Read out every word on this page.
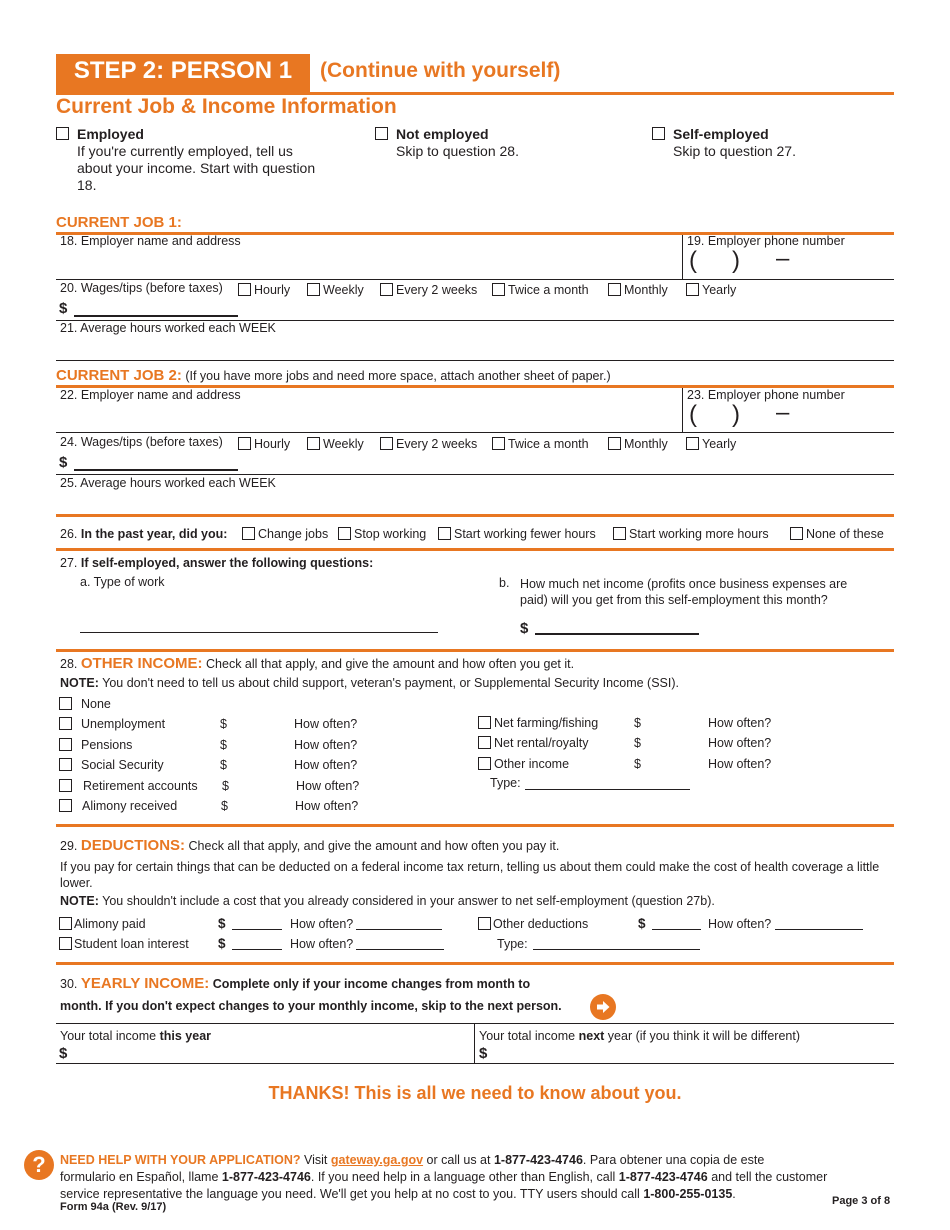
STEP 2: PERSON 1	(Continue with yourself)
Current Job & Income Information
Employed
If you're currently employed, tell us about your income. Start with question 18.
Not employed
Skip to question 28.
Self-employed
Skip to question 27.
CURRENT JOB 1:
18. Employer name and address	19. Employer phone number
( ) –
20. Wages/tips (before taxes)	Hourly	Weekly	Every 2 weeks	Twice a month	Monthly	Yearly
$
21. Average hours worked each WEEK
CURRENT JOB 2: (If you have more jobs and need more space, attach another sheet of paper.)
22. Employer name and address	23. Employer phone number
( ) –
24. Wages/tips (before taxes)	Hourly	Weekly	Every 2 weeks	Twice a month	Monthly	Yearly
$
25. Average hours worked each WEEK
26. In the past year, did you:	Change jobs	Stop working	Start working fewer hours	Start working more hours	None of these
27. If self-employed, answer the following questions:
a. Type of work	b. How much net income (profits once business expenses are paid) will you get from this self-employment this month?
$
28. OTHER INCOME: Check all that apply, and give the amount and how often you get it.
NOTE: You don't need to tell us about child support, veteran's payment, or Supplemental Security Income (SSI).
None
Unemployment	$	How often?
Pensions	$	How often?
Social Security	$	How often?
Retirement accounts $	How often?
Alimony received	$	How often?
Net farming/fishing	$	How often?
Net rental/royalty	$	How often?
Other income	$	How often?
Type:
29. DEDUCTIONS: Check all that apply, and give the amount and how often you pay it.
If you pay for certain things that can be deducted on a federal income tax return, telling us about them could make the cost of health coverage a little lower.
NOTE: You shouldn't include a cost that you already considered in your answer to net self-employment (question 27b).
Alimony paid	$	How often?
Student loan interest $	How often?
Other deductions	$	How often?
Type:
30. YEARLY INCOME: Complete only if your income changes from month to
month. If you don't expect changes to your monthly income, skip to the next person.
Your total income this year
$
Your total income next year (if you think it will be different)
$
THANKS! This is all we need to know about you.
?	NEED HELP WITH YOUR APPLICATION? Visit gateway.ga.gov or call us at 1-877-423-4746. Para obtener una copia de este
formulario en Español, llame 1-877-423-4746. If you need help in a language other than English, call 1-877-423-4746 and tell the customer
service representative the language you need. We'll get you help at no cost to you. TTY users should call 1-800-255-0135.
Form 94a (Rev. 9/17)	Page 3 of 8
